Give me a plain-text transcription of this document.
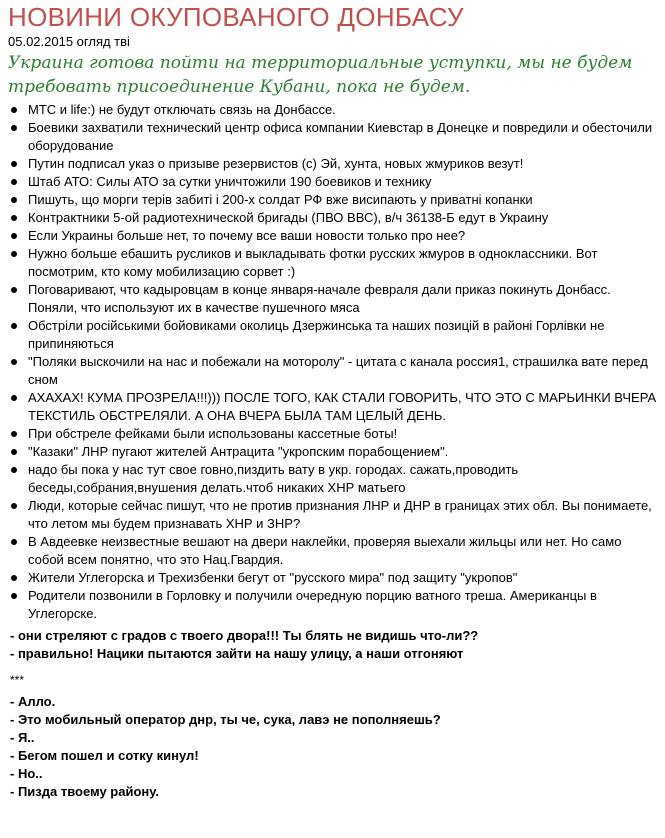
НОВИНИ ОКУПОВАНОГО ДОНБАСУ
05.02.2015 огляд тві
Украина готова пойти на территориальные уступки, мы не будем требовать присоединение Кубани, пока не будем.
МТС и life:) не будут отключать связь на Донбассе.
Боевики захватили технический центр офиса компании Киевстар в Донецке и повредили и обесточили оборудование
Путин подписал указ о призыве резервистов (с) Эй, хунта, новых жмуриков везут!
Штаб АТО: Силы АТО за сутки уничтожили 190 боевиков и технику
Пишуть, що морги терів забиті і 200-х солдат РФ вже висипають у приватні копанки
Контрактники 5-ой радиотехнической бригады (ПВО ВВС), в/ч 36138-Б едут в Украину
Если Украины больше нет, то почему все ваши новости только про нее?
Нужно больше ебашить русликов и выкладывать фотки русских жмуров в одноклассники. Вот посмотрим, кто кому мобилизацию сорвет :)
Поговаривают, что кадыровцам в конце января-начале февраля дали приказ покинуть Донбасс. Поняли, что используют их в качестве пушечного мяса
Обстріли російськими бойовиками околиць Дзержинська та наших позицій в районі Горлівки не припиняються
"Поляки выскочили на нас и побежали на моторолу" - цитата с канала россия1, страшилка вате перед сном
АХАХАХ! КУМА ПРОЗРЕЛА!!!))) ПОСЛЕ ТОГО, КАК СТАЛИ ГОВОРИТЬ, ЧТО ЭТО С МАРЬИНКИ ВЧЕРА ТЕКСТИЛЬ ОБСТРЕЛЯЛИ. А ОНА ВЧЕРА БЫЛА ТАМ ЦЕЛЫЙ ДЕНЬ.
При обстреле фейками были использованы кассетные боты!
"Казаки" ЛНР пугают жителей Антрацита "укропским порабощением".
надо бы пока у нас тут свое говно,пиздить вату в укр. городах. сажать,проводить беседы,собрания,внушения делать.чтоб никаких ХНР матьего
Люди, которые сейчас пишут, что не против признания ЛНР и ДНР в границах этих обл. Вы понимаете, что летом мы будем признавать ХНР и ЗНР?
В Авдеевке неизвестные вешают на двери наклейки, проверяя выехали жильцы или нет. Но само собой всем понятно, что это Нац.Гвардия.
Жители Углегорска и Трехизбенки бегут от "русского мира" под защиту "укропов"
Родители позвонили в Горловку и получили очередную порцию ватного треша. Американцы в Углегорске.
- они стреляют с градов с твоего двора!!! Ты блять не видишь что-ли??
- правильно! Нацики пытаются зайти на нашу улицу, а наши отгоняют
***
- Алло.
- Это мобильный оператор днр, ты че, сука, лавэ не пополняешь?
- Я..
- Бегом пошел и сотку кинул!
- Но..
- Пизда твоему району.
